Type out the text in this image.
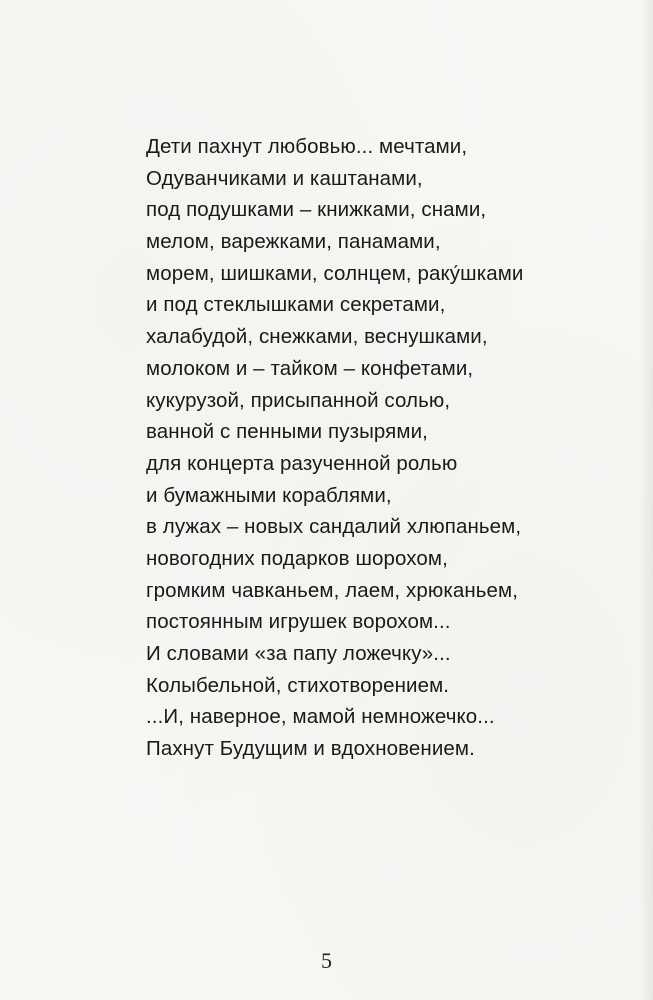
Дети пахнут любовью... мечтами,
Одуванчиками и каштанами,
под подушками – книжками, снами,
мелом, варежками, панамами,
морем, шишками, солнцем, раку́шками
и под стеклышками секретами,
халабудой, снежками, веснушками,
молоком и – тайком – конфетами,
кукурузой, присыпанной солью,
ванной с пенными пузырями,
для концерта разученной ролью
и бумажными кораблями,
в лужах – новых сандалий хлюпаньем,
новогодних подарков шорохом,
громким чавканьем, лаем, хрюканьем,
постоянным игрушек ворохом...
И словами «за папу ложечку»...
Колыбельной, стихотворением.
...И, наверное, мамой немножечко...
Пахнут Будущим и вдохновением.
5
